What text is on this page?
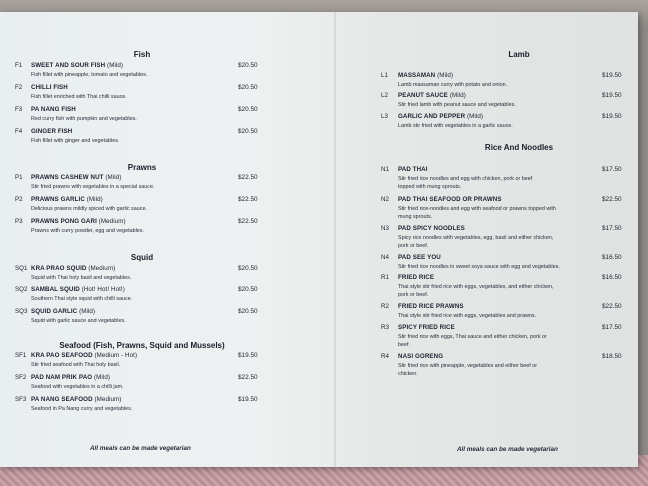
Fish
F1 SWEET AND SOUR FISH (Mild)	$20.50
Fish fillet with pineapple, tomato and vegetables.
F2 CHILLI FISH	$20.50
Fish fillet enriched with Thai chilli sauce.
F3 PA NANG FISH	$20.50
Red curry fish with pumpkin and vegetables.
F4 GINGER FISH	$20.50
Fish fillet with ginger and vegetables.
Prawns
P1 PRAWNS CASHEW NUT (Mild)	$22.50
Stir fried prawns with vegetables in a special sauce.
P2 PRAWNS GARLIC (Mild)	$22.50
Delicious prawns mildly spiced with garlic sauce.
P3 PRAWNS PONG GARI (Medium)	$22.50
Prawns with curry powder, egg and vegetables.
Squid
SQ1 KRA PRAO SQUID (Medium)	$20.50
Squid with Thai holy basil and vegetables.
SQ2 SAMBAL SQUID (Hot! Hot! Hot!)	$20.50
Southern Thai style squid with chilli sauce.
SQ3 SQUID GARLIC (Mild)	$20.50
Squid with garlic sauce and vegetables.
Seafood (Fish, Prawns, Squid and Mussels)
SF1 KRA PAO SEAFOOD (Medium - Hot)	$19.50
Stir fried seafood with Thai holy basil.
SF2 PAD NAM PRIK PAO (Mild)	$22.50
Seafood with vegetables in a chilli jam.
SF3 PA NANG SEAFOOD (Medium)	$19.50
Seafood in Pa Nang curry and vegetables.
Lamb
L1 MASSAMAN (Mild)	$19.50
Lamb massaman curry with potato and onion.
L2 PEANUT SAUCE (Mild)	$19.50
Stir fried lamb with peanut sauce and vegetables.
L3 GARLIC AND PEPPER (Mild)	$19.50
Lamb stir fried with vegetables in a garlic sauce.
Rice And Noodles
N1 PAD THAI	$17.50
Stir fried rice noodles and egg with chicken, pork or beef
topped with mung sprouts.
N2 PAD THAI SEAFOOD OR PRAWNS	$22.50
Stir fried rice-noodles and egg with seafood or prawns topped with
mung sprouts.
N3 PAD SPICY NOODLES	$17.50
Spicy rice noodles with vegetables, egg, basil and either chicken,
pork or beef.
N4 PAD SEE YOU	$16.50
Stir fried rice noodles in sweet soya sauce with egg and vegetables.
R1 FRIED RICE	$16.50
Thai style stir fried rice with eggs, vegetables, and either chicken,
pork or beef.
R2 FRIED RICE PRAWNS	$22.50
Thai style stir fried rice with eggs, vegetables and prawns.
R3 SPICY FRIED RICE	$17.50
Stir fried rice with eggs, Thai sauce and either chicken, pork or
beef.
R4 NASI GORENG	$18.50
Stir fried rice with pineapple, vegetables and either beef or
chicken.
All meals can be made vegetarian	All meals can be made vegetarian
